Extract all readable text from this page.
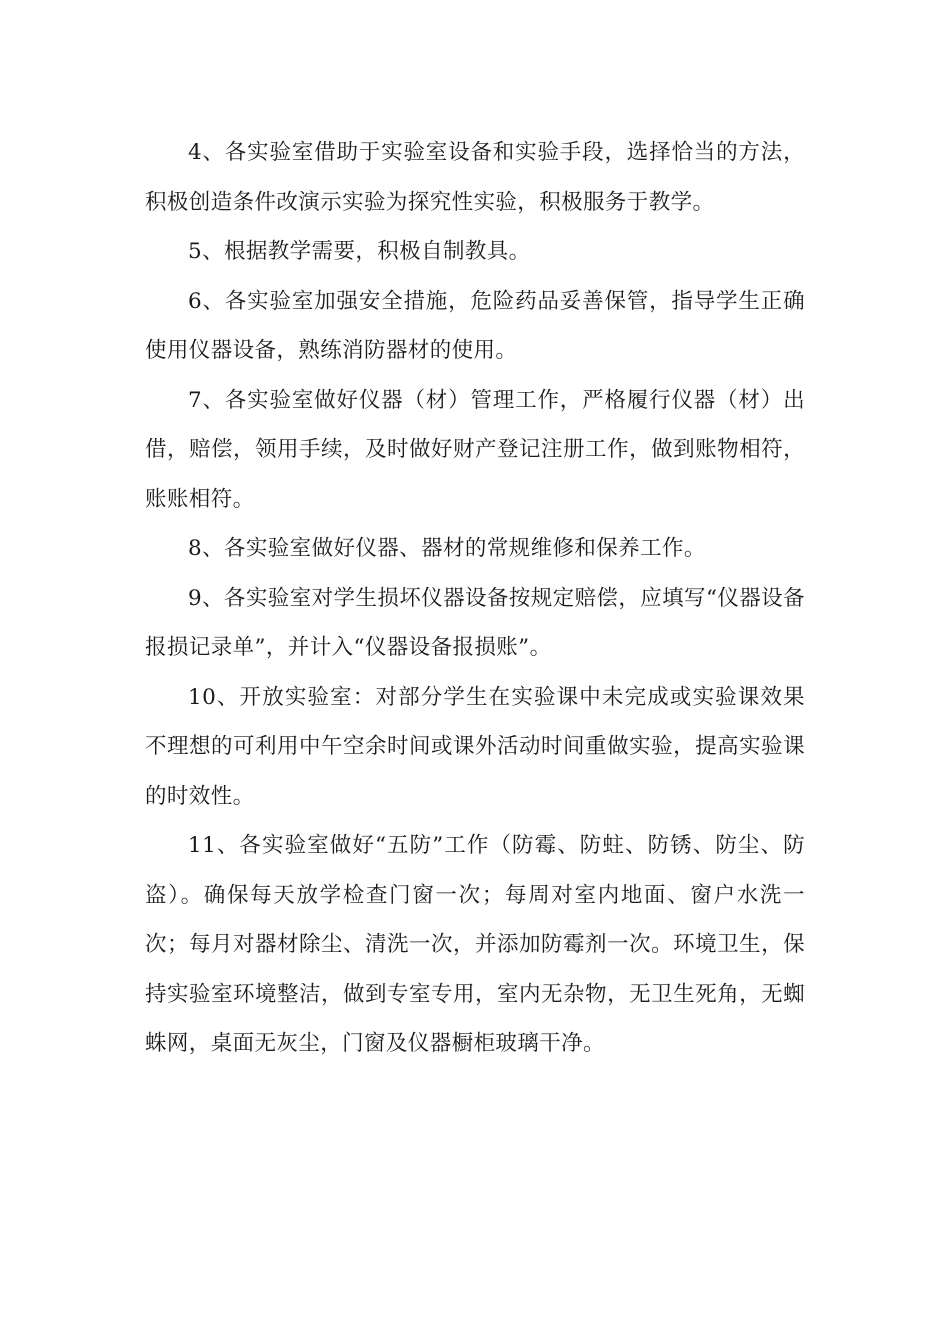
4、各实验室借助于实验室设备和实验手段，选择恰当的方法，积极创造条件改演示实验为探究性实验，积极服务于教学。

5、根据教学需要，积极自制教具。

6、各实验室加强安全措施，危险药品妥善保管，指导学生正确使用仪器设备，熟练消防器材的使用。

7、各实验室做好仪器（材）管理工作，严格履行仪器（材）出借，赔偿，领用手续，及时做好财产登记注册工作，做到账物相符，账账相符。

8、各实验室做好仪器、器材的常规维修和保养工作。

9、各实验室对学生损坏仪器设备按规定赔偿，应填写“仪器设备报损记录单”，并计入“仪器设备报损账”。

10、开放实验室：对部分学生在实验课中未完成或实验课效果不理想的可利用中午空余时间或课外活动时间重做实验，提高实验课的时效性。

11、各实验室做好“五防”工作（防霉、防蛀、防锈、防尘、防盗）。确保每天放学检查门窗一次；每周对室内地面、窗户水洗一次；每月对器材除尘、清洗一次，并添加防霉剂一次。环境卫生，保持实验室环境整洁，做到专室专用，室内无杂物，无卫生死角，无蜘蛛网，桌面无灰尘，门窗及仪器橱柜玻璃干净。
